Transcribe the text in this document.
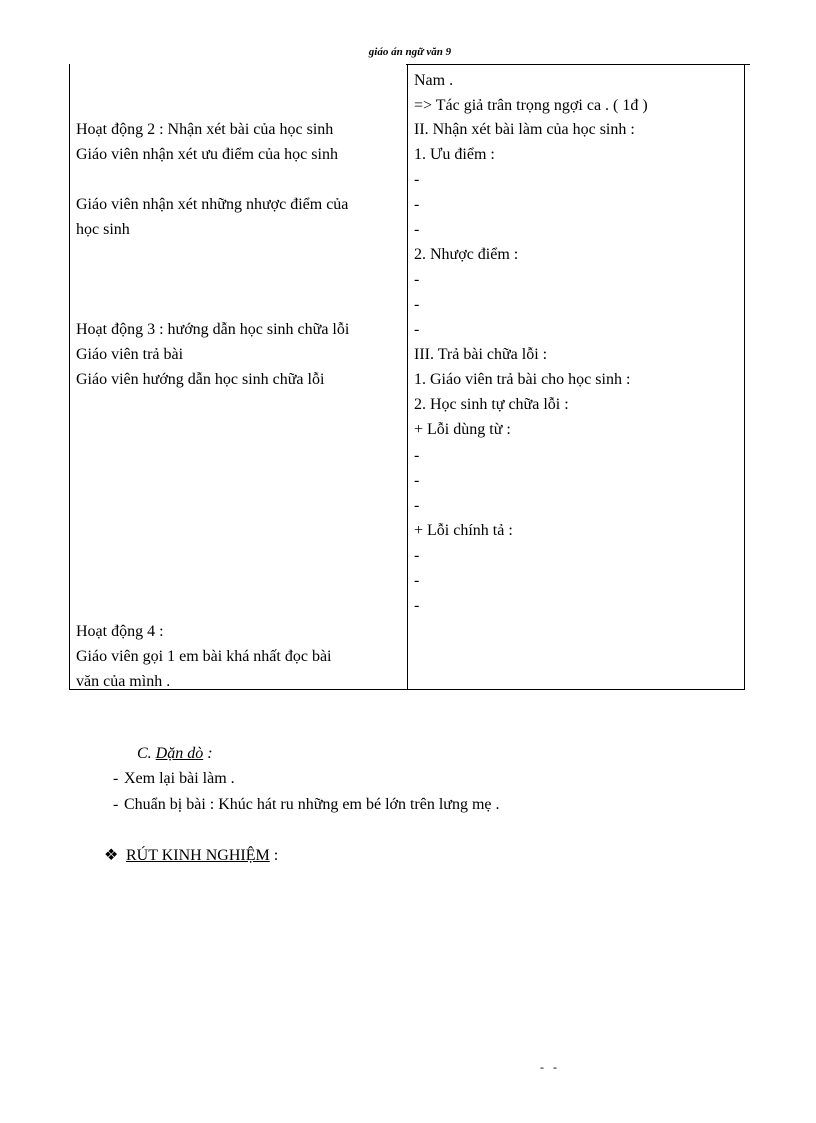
giáo án ngữ văn 9
Hoạt động 2 : Nhận xét bài của học sinh
Giáo viên nhận xét ưu điểm của học sinh
Giáo viên nhận xét những nhược điểm của
học sinh
Hoạt động 3 : hướng dẫn học sinh chữa lỗi
Giáo viên trả bài
Giáo viên hướng dẫn học sinh chữa lỗi
Hoạt động 4 :
Giáo viên gọi 1 em bài khá nhất đọc bài
văn của mình .
Nam .
=> Tác giả trân trọng ngợi ca . ( 1đ )
II. Nhận xét bài làm của học sinh :
1. Ưu điểm :
-
-
-
2. Nhược điểm :
-
-
-
III. Trả bài chữa lỗi :
1. Giáo viên trả bài cho học sinh :
2. Học sinh tự chữa lỗi :
+ Lỗi dùng từ :
-
-
-
+ Lỗi chính tả :
-
-
-
C. Dặn dò :
- Xem lại bài làm .
- Chuẩn bị bài : Khúc hát ru những em bé lớn trên lưng mẹ .
❖ RÚT KINH NGHIỆM :
- -
